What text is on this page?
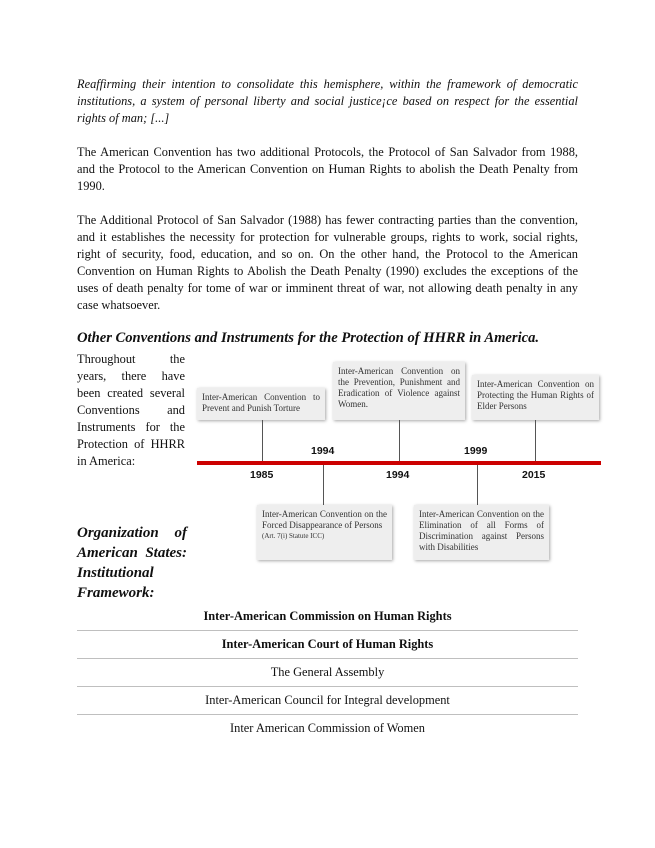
Reaffirming their intention to consolidate this hemisphere, within the framework of democratic institutions, a system of personal liberty and social justice¡ce based on respect for the essential rights of man; [...]

The American Convention has two additional Protocols, the Protocol of San Salvador from 1988, and the Protocol to the American Convention on Human Rights to abolish the Death Penalty from 1990.

The Additional Protocol of San Salvador (1988) has fewer contracting parties than the convention, and it establishes the necessity for protection for vulnerable groups, rights to work, social rights, right of security, food, education, and so on. On the other hand, the Protocol to the American Convention on Human Rights to Abolish the Death Penalty (1990) excludes the exceptions of the uses of death penalty for tome of war or imminent threat of war, not allowing death penalty in any case whatsoever.

Other Conventions and Instruments for the Protection of HHRR in America.
Throughout the
years, there have
been created several
Conventions and
Instruments for the
Protection of HHRR
in America:
Inter-American Convention to Prevent and Punish Torture
Inter-American Convention on the Prevention, Punishment and Eradication of Violence against Women.
Inter-American Convention on Protecting the Human Rights of Elder Persons
Inter-American Convention on the Forced Disappearance of Persons
(Art. 7(i) Statute ICC)
Inter-American Convention on the Elimination of all Forms of Discrimination against Persons with Disabilities
1985
1994
1994
1999
2015
Organization of
American States:
Institutional
Framework:
Inter-American Commission on Human Rights
Inter-American Court of Human Rights
The General Assembly
Inter-American Council for Integral development
Inter American Commission of Women
